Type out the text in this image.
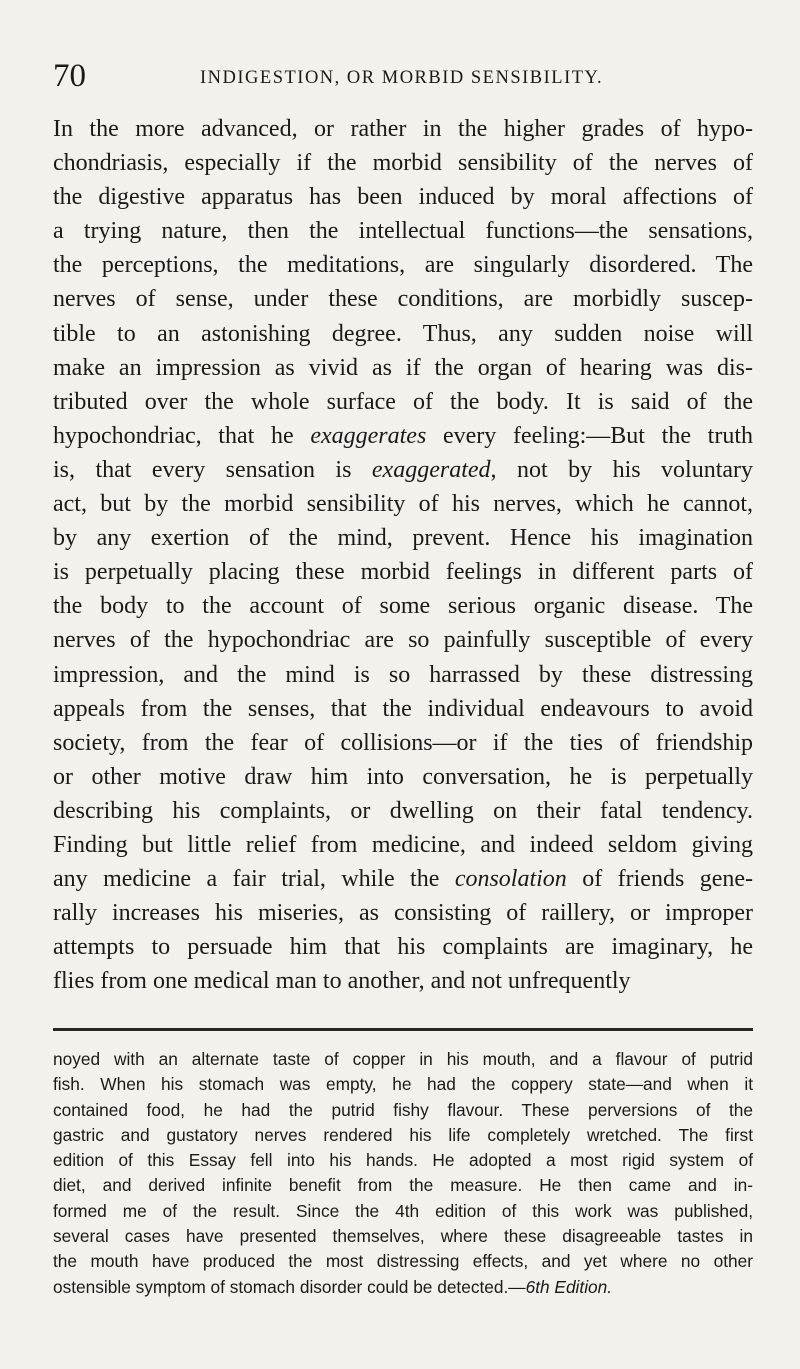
70	INDIGESTION, OR MORBID SENSIBILITY.
In the more advanced, or rather in the higher grades of hypo-
chondriasis, especially if the morbid sensibility of the nerves of
the digestive apparatus has been induced by moral affections of
a trying nature, then the intellectual functions—the sensations,
the perceptions, the meditations, are singularly disordered. The
nerves of sense, under these conditions, are morbidly suscep-
tible to an astonishing degree. Thus, any sudden noise will
make an impression as vivid as if the organ of hearing was dis-
tributed over the whole surface of the body. It is said of the
hypochondriac, that he exaggerates every feeling:—But the truth
is, that every sensation is exaggerated, not by his voluntary
act, but by the morbid sensibility of his nerves, which he cannot,
by any exertion of the mind, prevent. Hence his imagination
is perpetually placing these morbid feelings in different parts of
the body to the account of some serious organic disease. The
nerves of the hypochondriac are so painfully susceptible of every
impression, and the mind is so harrassed by these distressing
appeals from the senses, that the individual endeavours to avoid
society, from the fear of collisions—or if the ties of friendship
or other motive draw him into conversation, he is perpetually
describing his complaints, or dwelling on their fatal tendency.
Finding but little relief from medicine, and indeed seldom giving
any medicine a fair trial, while the consolation of friends gene-
rally increases his miseries, as consisting of raillery, or improper
attempts to persuade him that his complaints are imaginary, he
flies from one medical man to another, and not unfrequently
noyed with an alternate taste of copper in his mouth, and a flavour of putrid
fish. When his stomach was empty, he had the coppery state—and when it
contained food, he had the putrid fishy flavour. These perversions of the
gastric and gustatory nerves rendered his life completely wretched. The first
edition of this Essay fell into his hands. He adopted a most rigid system of
diet, and derived infinite benefit from the measure. He then came and in-
formed me of the result. Since the 4th edition of this work was published,
several cases have presented themselves, where these disagreeable tastes in
the mouth have produced the most distressing effects, and yet where no other
ostensible symptom of stomach disorder could be detected.—6th Edition.
